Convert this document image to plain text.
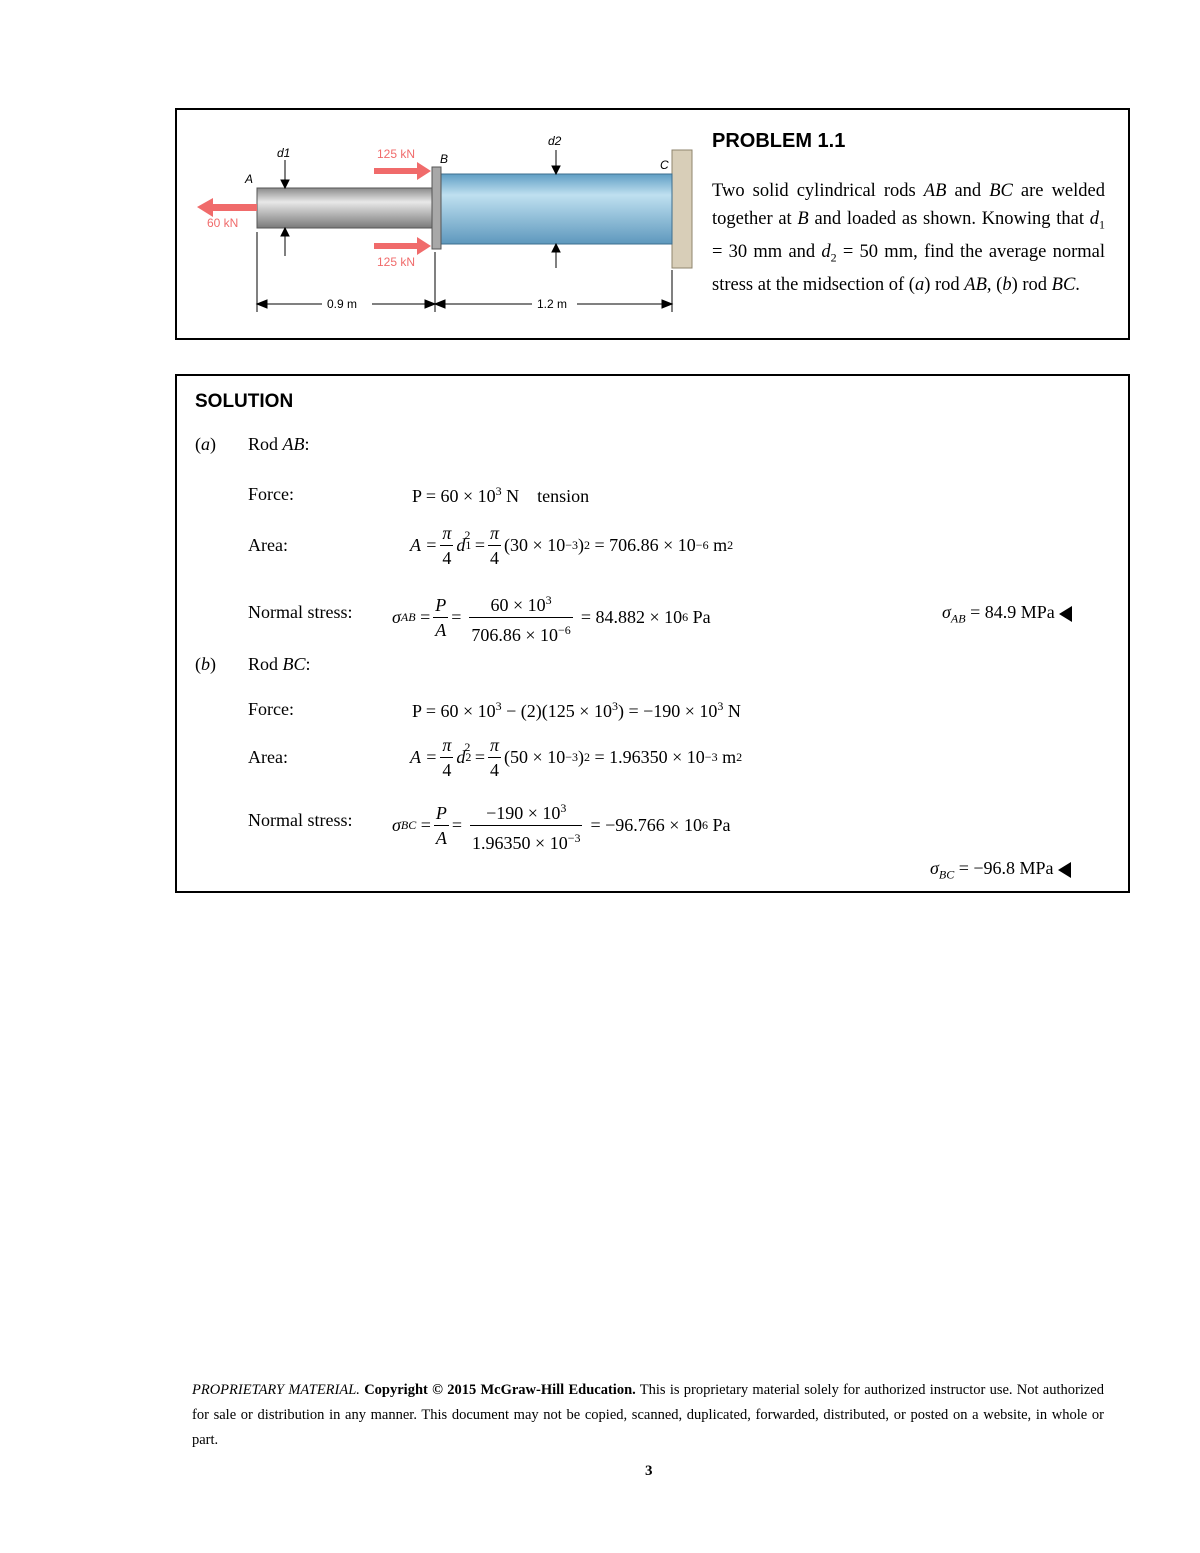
A
B	C
d1
d2
60 kN
125 kN
125 kN
0.9 m	1.2 m
PROBLEM 1.1
Two solid cylindrical rods AB and BC are welded together at B and loaded as shown. Knowing that $d_1 = 30$ mm and $d_2 = 50$ mm, find the average normal stress at the midsection of (a) rod AB, (b) rod BC.
SOLUTION
(a) Rod AB:
Force:	$P = 60 \times 10^3$ N    tension
Area:	$A = \frac{\pi}{4}$ d 1
$^2 = \frac{\pi}{4} (30 \times 10 -3$ ) 2 = 706.86 × 10 −6 m 2
Normal stress: σ AB = $\frac{P}{A} = \frac{60 \times 10^3}{706.86 \times 10^{-6}} = 84.882 \times 10$ 6 Pa	$\sigma_{AB} = 84.9$ MPa
(b) Rod BC:
Force:	$P = 60 \times 10^3 - (2)(125 \times 10^3) = -190 \times 10^3$ N
Area:	$A = \frac{\pi}{4}$ d 2
$^2 = \frac{\pi}{4} (50 \times 10 -3$ ) 2 = 1.96350 × 10 −3 m 2
Normal stress: σ BC = $\frac{P}{A} = \frac{-190 \times 10^3}{1.96350 \times 10^{-3}} = -96.766 \times 10$ 6 Pa
$\sigma_{BC} = -96.8$ MPa
PROPRIETARY MATERIAL. Copyright © 2015 McGraw-Hill Education. This is proprietary material solely for authorized instructor use. Not authorized for sale or distribution in any manner. This document may not be copied, scanned, duplicated, forwarded, distributed, or posted on a website, in whole or part.
3
